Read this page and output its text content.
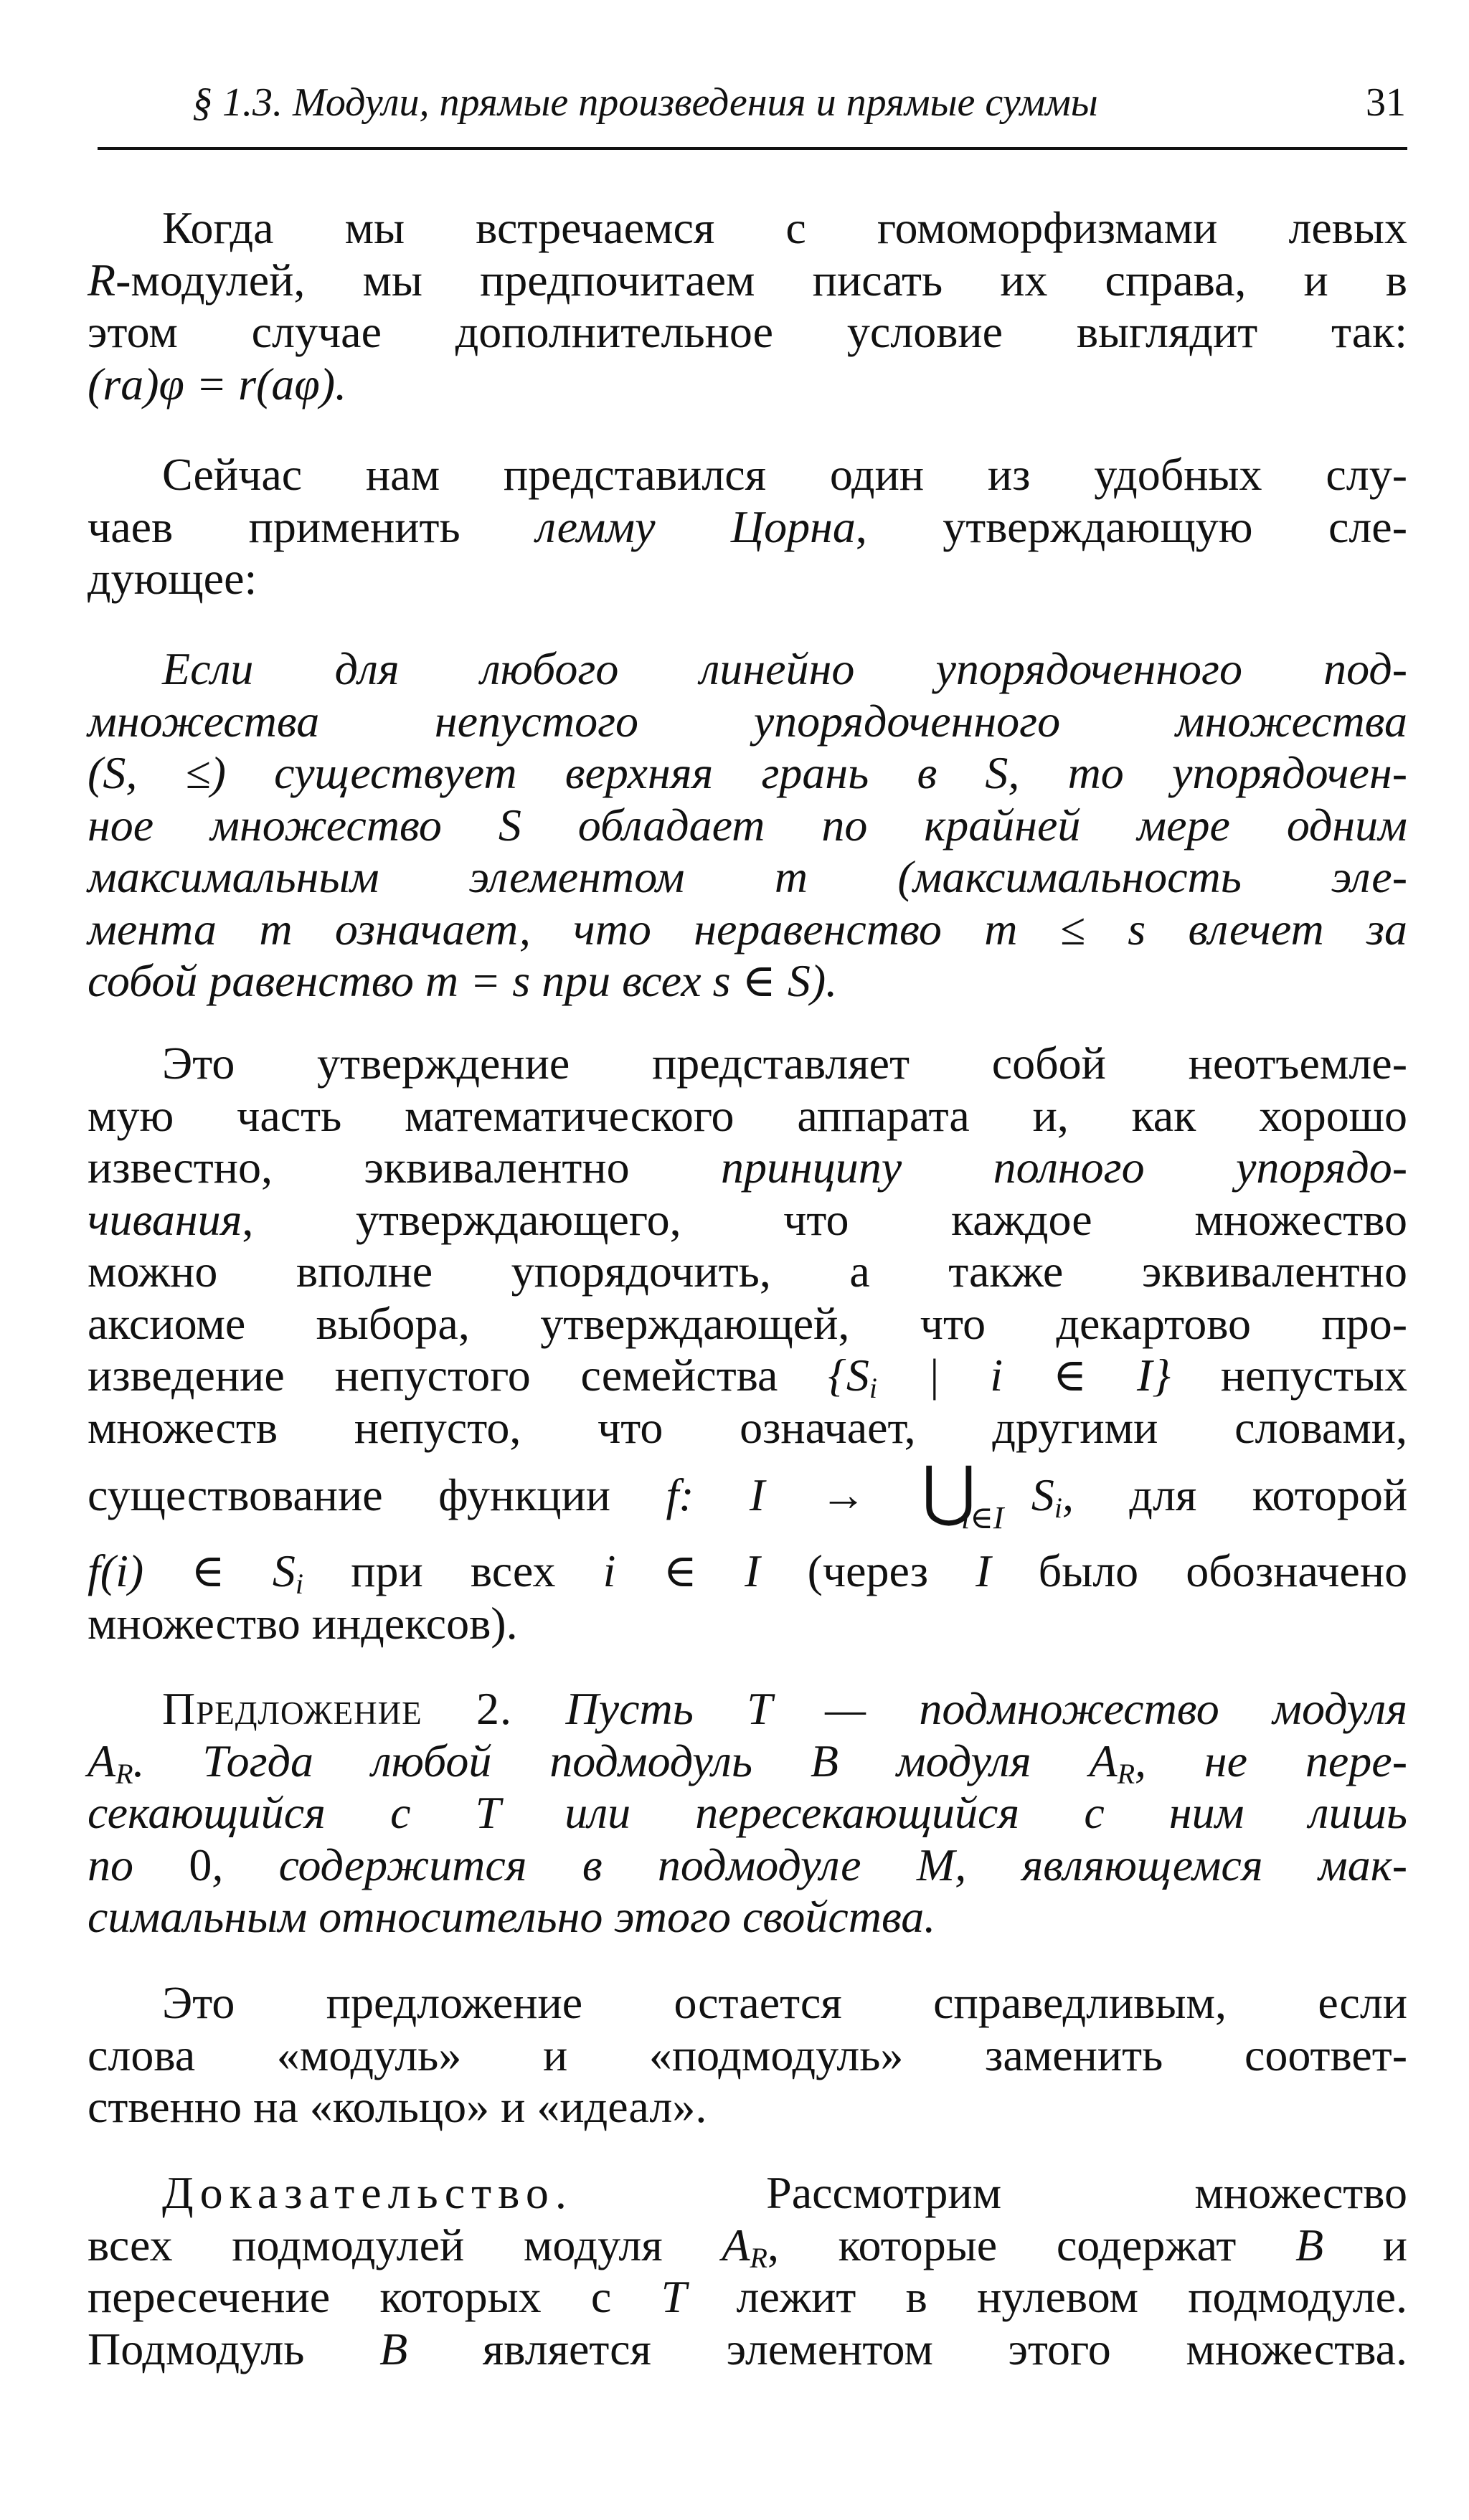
§ 1.3. Модули, прямые произведения и прямые суммы	31
Когда мы встречаемся с гомоморфизмами левых
R-модулей, мы предпочитаем писать их справа, и в
этом случае дополнительное условие выглядит так:
(ra)φ = r(aφ).
Сейчас нам представился один из удобных слу-
чаев применить лемму Цорна, утверждающую сле-
дующее:
Если для любого линейно упорядоченного под-
множества непустого упорядоченного множества
(S, ≤) существует верхняя грань в S, то упорядочен-
ное множество S обладает по крайней мере одним
максимальным элементом m (максимальность эле-
мента m означает, что неравенство m ≤ s влечет за
собой равенство m = s при всех s ∈ S).
Это утверждение представляет собой неотъемле-
мую часть математического аппарата и, как хорошо
известно, эквивалентно принципу полного упорядо-
чивания, утверждающего, что каждое множество
можно вполне упорядочить, а также эквивалентно
аксиоме выбора, утверждающей, что декартово про-
изведение непустого семейства {$S_i$ | i ∈ I} непустых
множеств непусто, что означает, другими словами,
существование функции f: I → ⋃ $S_i$, для которой
i∈I
f(i) ∈ $S_i$ при всех i ∈ I (через I было обозначено
множество индексов).
Предложение 2. Пусть T — подмножество модуля
$A_R$. Тогда любой подмодуль B модуля $A_R$, не пере-
секающийся с T или пересекающийся с ним лишь
по 0, содержится в подмодуле M, являющемся мак-
симальным относительно этого свойства.
Это предложение остается справедливым, если
слова «модуль» и «подмодуль» заменить соответ-
ственно на «кольцо» и «идеал».
Доказательство. Рассмотрим множество
всех подмодулей модуля $A_R$, которые содержат B и
пересечение которых с T лежит в нулевом подмодуле.
Подмодуль B является элементом этого множества.
